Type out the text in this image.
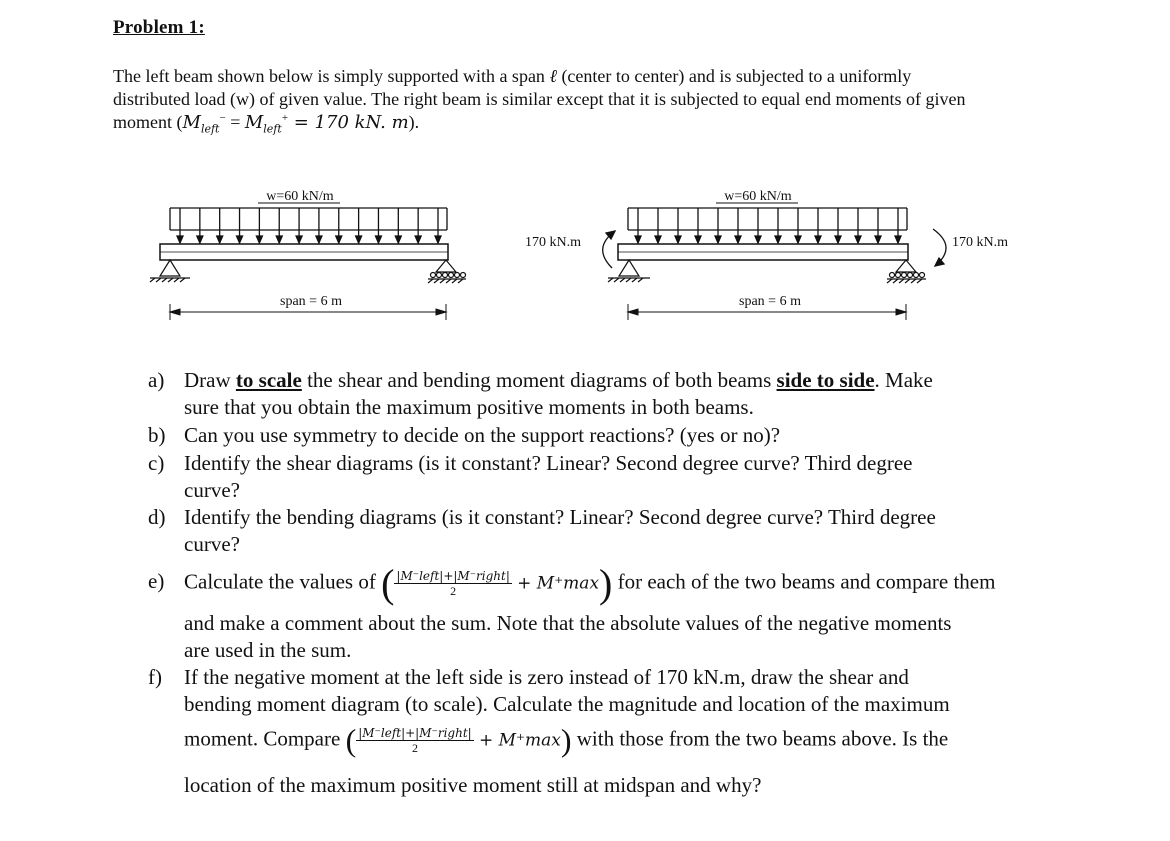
Problem 1:
The left beam shown below is simply supported with a span ℓ (center to center) and is subjected to a uniformly
distributed load (w) of given value. The right beam is similar except that it is subjected to equal end moments of given
moment ($M_{left}^- = M_{left}^+ = 170$ kN. m).
w=60 kN/m
span = 6 m
w=60 kN/m
170 kN.m	170 kN.m
span = 6 m
a) Draw to scale the shear and bending moment diagrams of both beams side to side. Make
sure that you obtain the maximum positive moments in both beams.
b) Can you use symmetry to decide on the support reactions? (yes or no)?
c) Identify the shear diagrams (is it constant? Linear? Second degree curve? Third degree
curve?
d) Identify the bending diagrams (is it constant? Linear? Second degree curve? Third degree
curve?
e) Calculate the values of ( $\frac{\text{|M⁻left|+|M⁻right|}}{2} + M^+\max$) for each of the two beams and compare them
and make a comment about the sum. Note that the absolute values of the negative moments
are used in the sum.
f) If the negative moment at the left side is zero instead of 170 kN.m, draw the shear and
bending moment diagram (to scale). Calculate the magnitude and location of the maximum
moment. Compare ( $\frac{\text{|M⁻left|+|M⁻right|}}{2} + M^+\max$) with those from the two beams above. Is the
location of the maximum positive moment still at midspan and why?
